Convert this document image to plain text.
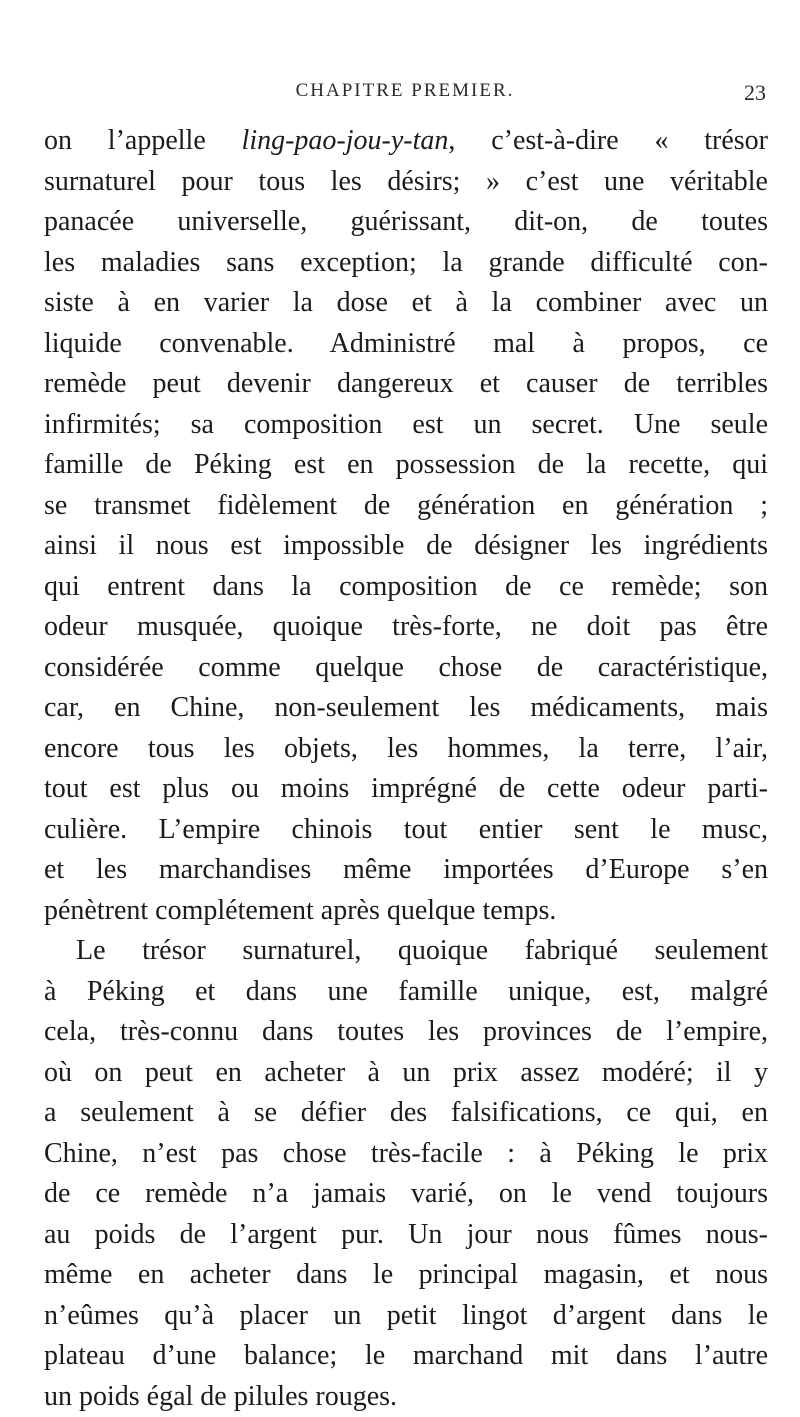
CHAPITRE PREMIER.	23
on l’appelle ling-pao-jou-y-tan, c’est-à-dire « trésor
surnaturel pour tous les désirs; » c’est une véritable
panacée universelle, guérissant, dit-on, de toutes
les maladies sans exception; la grande difficulté con-
siste à en varier la dose et à la combiner avec un
liquide convenable. Administré mal à propos, ce
remède peut devenir dangereux et causer de terribles
infirmités; sa composition est un secret. Une seule
famille de Péking est en possession de la recette, qui
se transmet fidèlement de génération en génération ;
ainsi il nous est impossible de désigner les ingrédients
qui entrent dans la composition de ce remède; son
odeur musquée, quoique très-forte, ne doit pas être
considérée comme quelque chose de caractéristique,
car, en Chine, non-seulement les médicaments, mais
encore tous les objets, les hommes, la terre, l’air,
tout est plus ou moins imprégné de cette odeur parti-
culière. L’empire chinois tout entier sent le musc,
et les marchandises même importées d’Europe s’en
pénètrent complétement après quelque temps.
Le trésor surnaturel, quoique fabriqué seulement
à Péking et dans une famille unique, est, malgré
cela, très-connu dans toutes les provinces de l’empire,
où on peut en acheter à un prix assez modéré; il y
a seulement à se défier des falsifications, ce qui, en
Chine, n’est pas chose très-facile : à Péking le prix
de ce remède n’a jamais varié, on le vend toujours
au poids de l’argent pur. Un jour nous fûmes nous-
même en acheter dans le principal magasin, et nous
n’eûmes qu’à placer un petit lingot d’argent dans le
plateau d’une balance; le marchand mit dans l’autre
un poids égal de pilules rouges.
